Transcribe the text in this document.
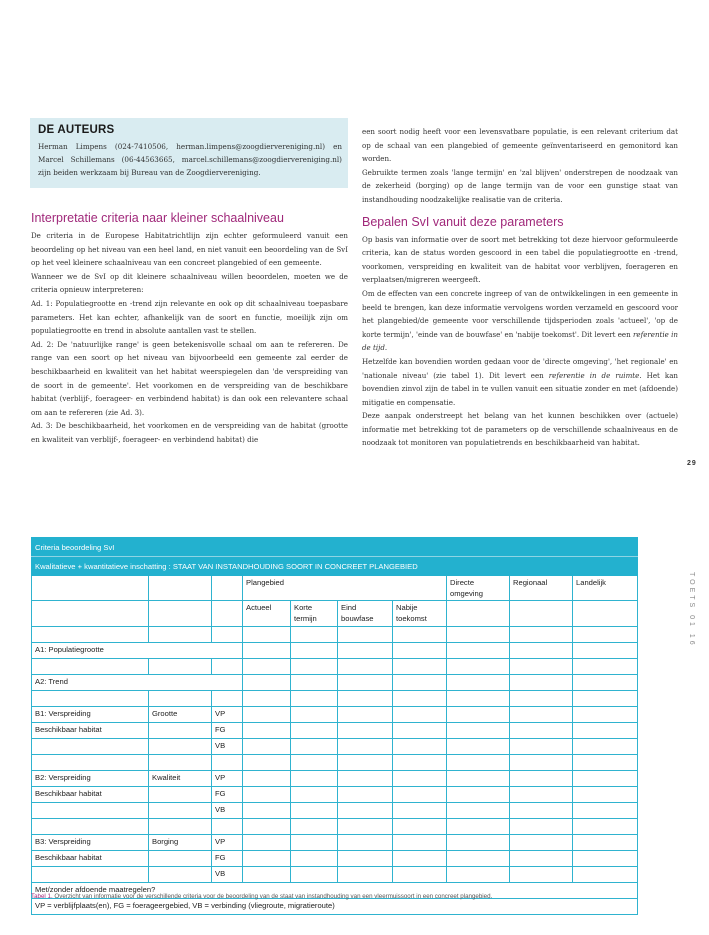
DE AUTEURS

Herman Limpens (024-7410506, herman.limpens@zoogdiervereniging.nl) en Marcel Schillemans (06-44563665, marcel.schillemans@zoogdiervereniging.nl) zijn beiden werkzaam bij Bureau van de Zoogdiervereniging.

Interpretatie criteria naar kleiner schaalniveau

De criteria in de Europese Habitatrichtlijn zijn echter geformuleerd vanuit een beoordeling op het niveau van een heel land, en niet vanuit een beoordeling van de SvI op het veel kleinere schaalniveau van een concreet plangebied of een gemeente.

Wanneer we de SvI op dit kleinere schaalniveau willen beoordelen, moeten we de criteria opnieuw interpreteren:

Ad. 1: Populatiegrootte en -trend zijn relevante en ook op dit schaalniveau toepasbare parameters. Het kan echter, afhankelijk van de soort en functie, moeilijk zijn om populatiegrootte en trend in absolute aantallen vast te stellen.

Ad. 2: De 'natuurlijke range' is geen betekenisvolle schaal om aan te refereren. De range van een soort op het niveau van bijvoorbeeld een gemeente zal eerder de beschikbaarheid en kwaliteit van het habitat weerspiegelen dan 'de verspreiding van de soort in de gemeente'. Het voorkomen en de verspreiding van de beschikbare habitat (verblijf-, foerageer- en verbindend habitat) is dan ook een relevantere schaal om aan te refereren (zie Ad. 3).

Ad. 3: De beschikbaarheid, het voorkomen en de verspreiding van de habitat (grootte en kwaliteit van verblijf-, foerageer- en verbindend habitat) die

een soort nodig heeft voor een levensvatbare populatie, is een relevant criterium dat op de schaal van een plangebied of gemeente geïnventariseerd en gemonitord kan worden.

Gebruikte termen zoals 'lange termijn' en 'zal blijven' onderstrepen de noodzaak van de zekerheid (borging) op de lange termijn van de voor een gunstige staat van instandhouding noodzakelijke realisatie van de criteria.

Bepalen SvI vanuit deze parameters

Op basis van informatie over de soort met betrekking tot deze hiervoor geformuleerde criteria, kan de status worden gescoord in een tabel die populatiegrootte en -trend, voorkomen, verspreiding en kwaliteit van de habitat voor verblijven, foerageren en verplaatsen/migreren weergeeft.

Om de effecten van een concrete ingreep of van de ontwikkelingen in een gemeente in beeld te brengen, kan deze informatie vervolgens worden verzameld en gescoord voor het plangebied/de gemeente voor verschillende tijdsperioden zoals 'actueel', 'op de korte termijn', 'einde van de bouwfase' en 'nabije toekomst'. Dit levert een referentie in de tijd.

Hetzelfde kan bovendien worden gedaan voor de 'directe omgeving', 'het regionale' en 'nationale niveau' (zie tabel 1). Dit levert een referentie in de ruimte. Het kan bovendien zinvol zijn de tabel in te vullen vanuit een situatie zonder en met (afdoende) mitigatie en compensatie.

Deze aanpak onderstreept het belang van het kunnen beschikken over (actuele) informatie met betrekking tot de parameters op de verschillende schaalniveaus en de noodzaak tot monitoren van populatietrends en beschikbaarheid van habitat.

29
TOETS 01 16
Criteria beoordeling SvI									
Kwalitatieve + kwantitatieve inschatting : STAAT VAN INSTANDHOUDING SOORT IN CONCREET PLANGEBIED									
			Plangebied				Directe omgeving	Regionaal	Landelijk
			Actueel	Korte termijn	Eind bouwfase	Nabije toekomst			

A1: Populatiegrootte									

A2: Trend									

B1: Verspreiding	Grootte	VP							
Beschikbaar habitat		FG							
		VB							

B2: Verspreiding	Kwaliteit	VP							
Beschikbaar habitat		FG							
		VB							

B3: Verspreiding	Borging	VP							
Beschikbaar habitat		FG							
		VB							
Met/zonder afdoende maatregelen?									
VP = verblijfplaats(en), FG = foerageergebied, VB = verbinding (vliegroute, migratieroute)									
Tabel 1. Overzicht van informatie voor de verschillende criteria voor de beoordeling van de staat van instandhouding van een vleermuissoort in een concreet plangebied.
